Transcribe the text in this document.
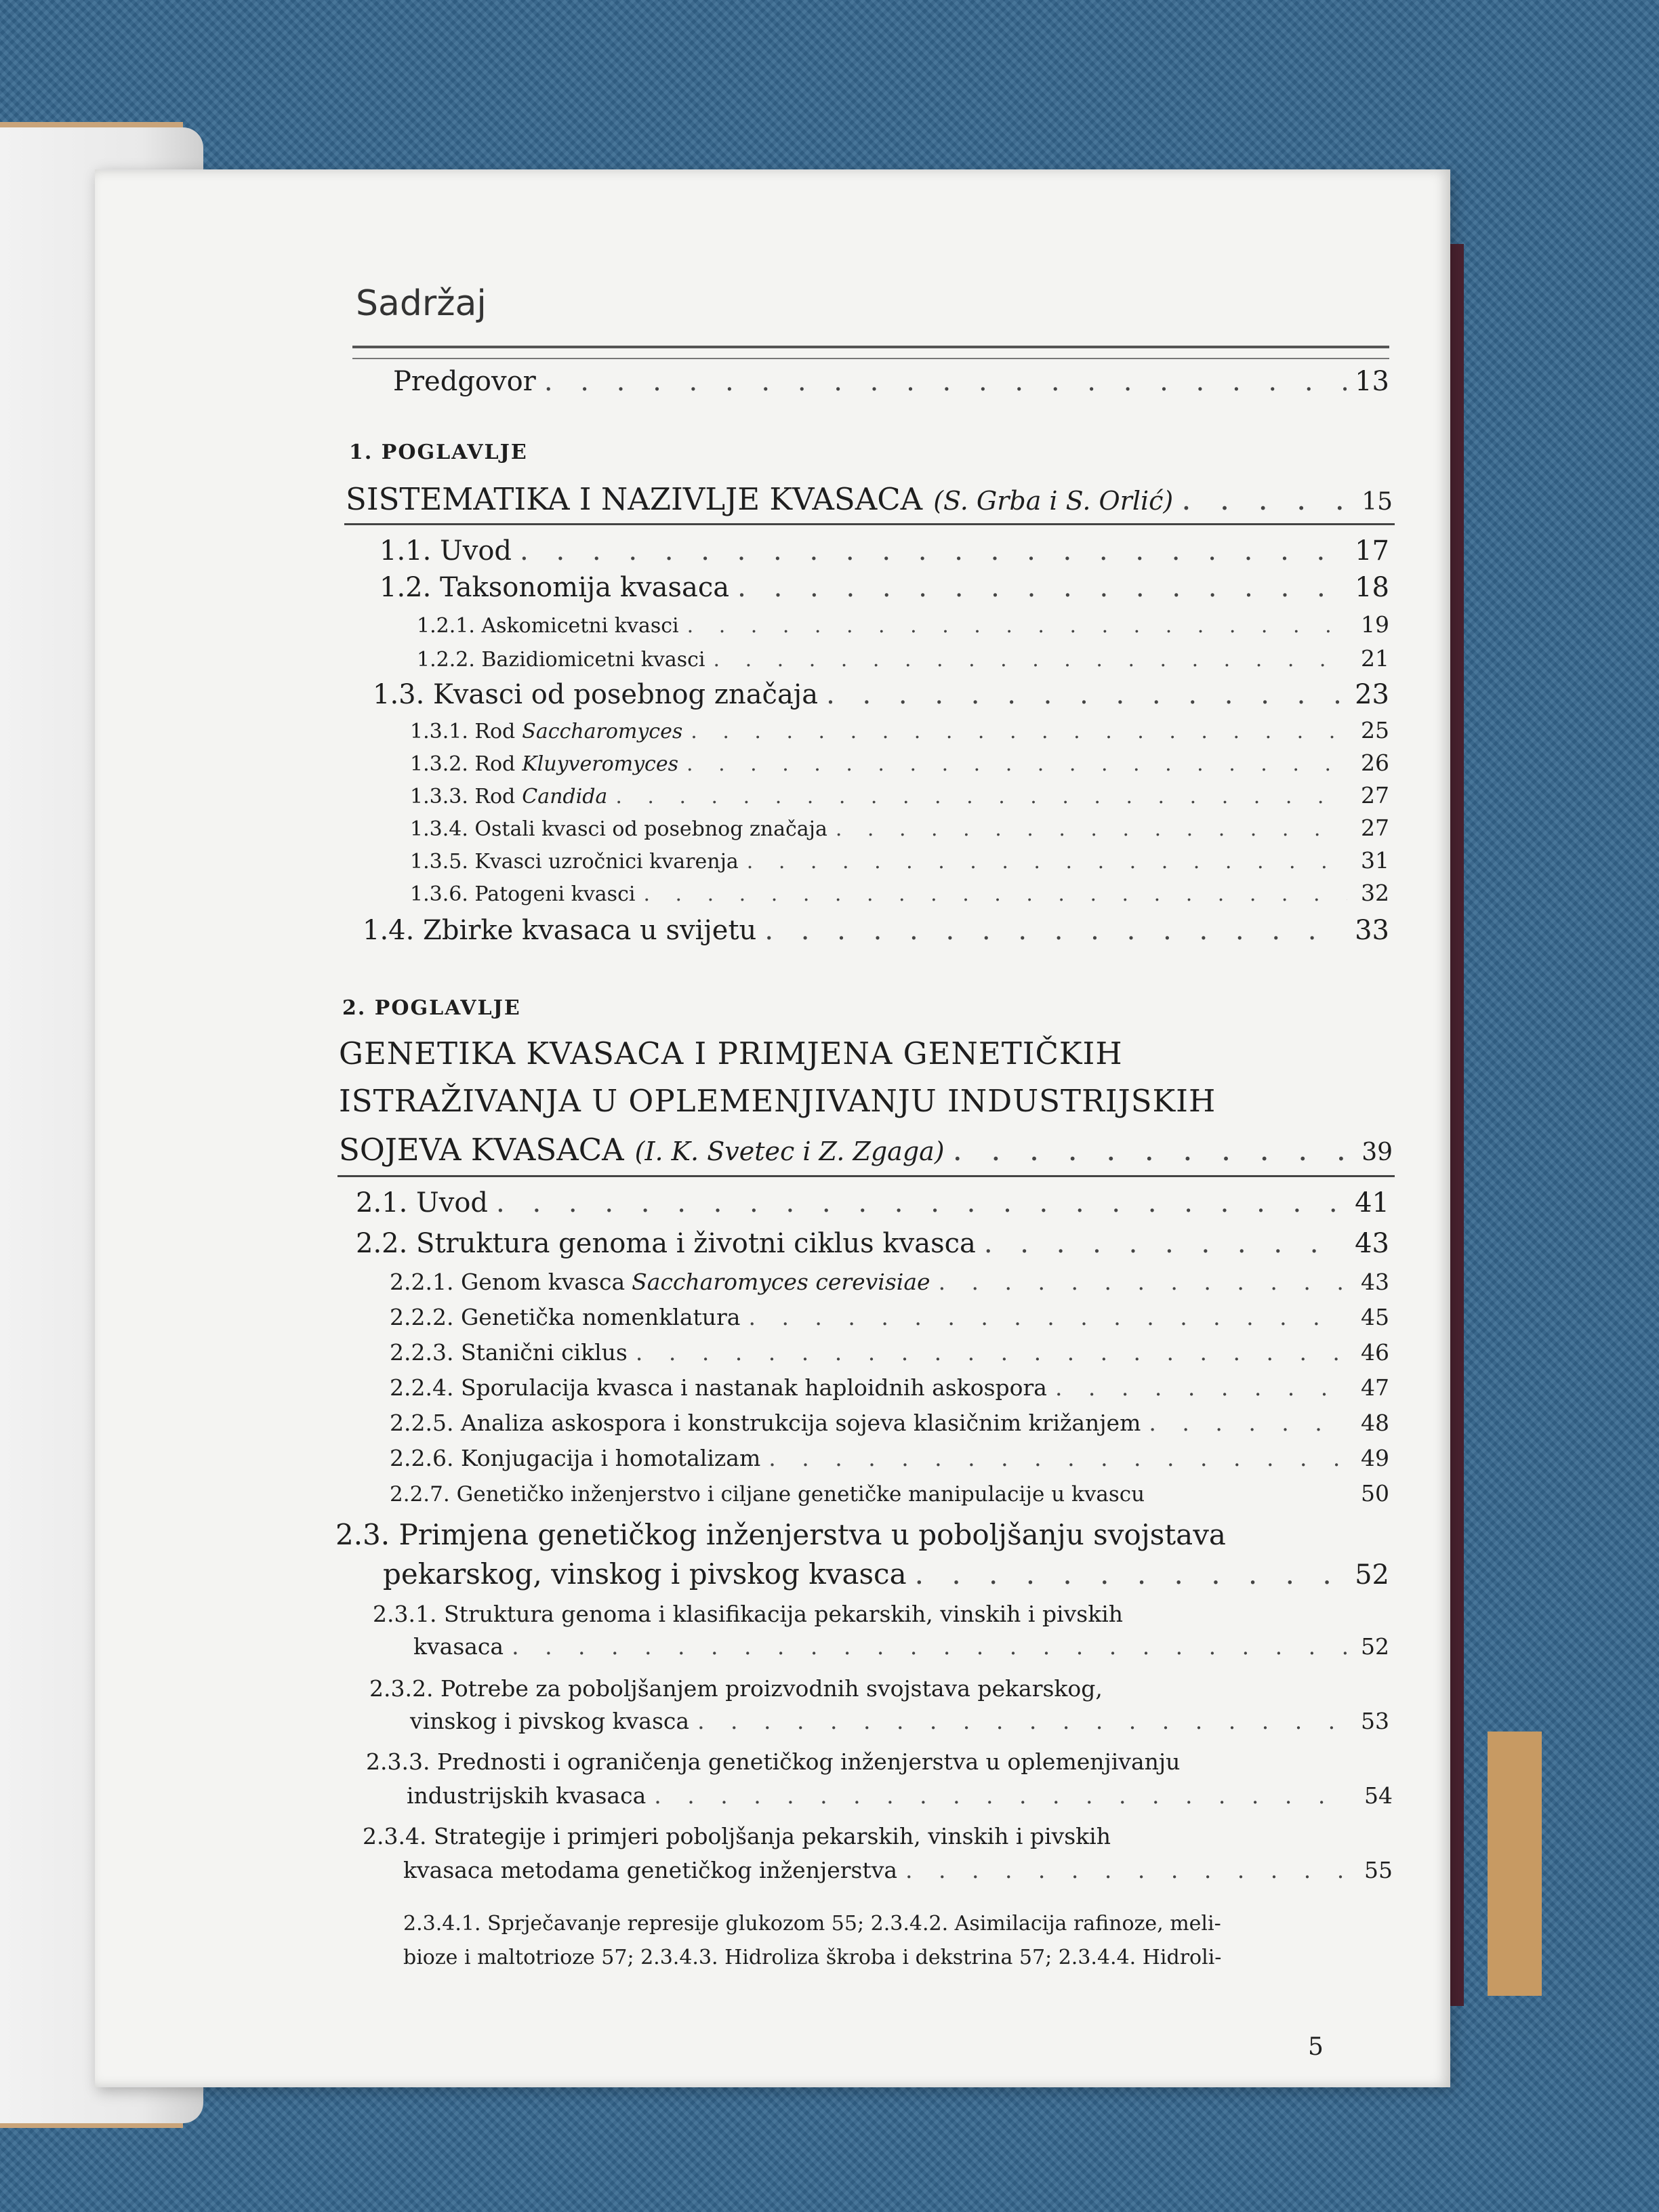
Sadržaj
Predgovor . . .	13
1. POGLAVLJE
SISTEMATIKA I NAZIVLJE KVASACA (S. Grba i S. Orlić) . . .	15
1.1. Uvod . . .	17
1.2. Taksonomija kvasaca . . .	18
1.2.1. Askomicetni kvasci . . .	19
1.2.2. Bazidiomicetni kvasci . . .	21
1.3. Kvasci od posebnog značaja . . .	23
1.3.1. Rod Saccharomyces . . .	25
1.3.2. Rod Kluyveromyces . . .	26
1.3.3. Rod Candida . . .	27
1.3.4. Ostali kvasci od posebnog značaja . . .	27
1.3.5. Kvasci uzročnici kvarenja . . .	31
1.3.6. Patogeni kvasci . . .	32
1.4. Zbirke kvasaca u svijetu . . .	33
2. POGLAVLJE
GENETIKA KVASACA I PRIMJENA GENETIČKIH
ISTRAŽIVANJA U OPLEMENJIVANJU INDUSTRIJSKIH
SOJEVA KVASACA (I. K. Svetec i Z. Zgaga) . . .	39
2.1. Uvod . . .	41
2.2. Struktura genoma i životni ciklus kvasca . . .	43
2.2.1. Genom kvasca Saccharomyces cerevisiae . . .	43
2.2.2. Genetička nomenklatura . . .	45
2.2.3. Stanični ciklus . . .	46
2.2.4. Sporulacija kvasca i nastanak haploidnih askospora . . .	47
2.2.5. Analiza askospora i konstrukcija sojeva klasičnim križanjem . . .	48
2.2.6. Konjugacija i homotalizam . . .	49
2.2.7. Genetičko inženjerstvo i ciljane genetičke manipulacije u kvascu	50
2.3. Primjena genetičkog inženjerstva u poboljšanju svojstava
pekarskog, vinskog i pivskog kvasca . . .	52
2.3.1. Struktura genoma i klasifikacija pekarskih, vinskih i pivskih
kvasaca . . .	52
2.3.2. Potrebe za poboljšanjem proizvodnih svojstava pekarskog,
vinskog i pivskog kvasca . . .	53
2.3.3. Prednosti i ograničenja genetičkog inženjerstva u oplemenjivanju
industrijskih kvasaca . . .	54
2.3.4. Strategije i primjeri poboljšanja pekarskih, vinskih i pivskih
kvasaca metodama genetičkog inženjerstva . . .	55
2.3.4.1. Sprječavanje represije glukozom 55; 2.3.4.2. Asimilacija rafinoze, meli-
bioze i maltotrioze 57; 2.3.4.3. Hidroliza škroba i dekstrina 57; 2.3.4.4. Hidroli-
5
